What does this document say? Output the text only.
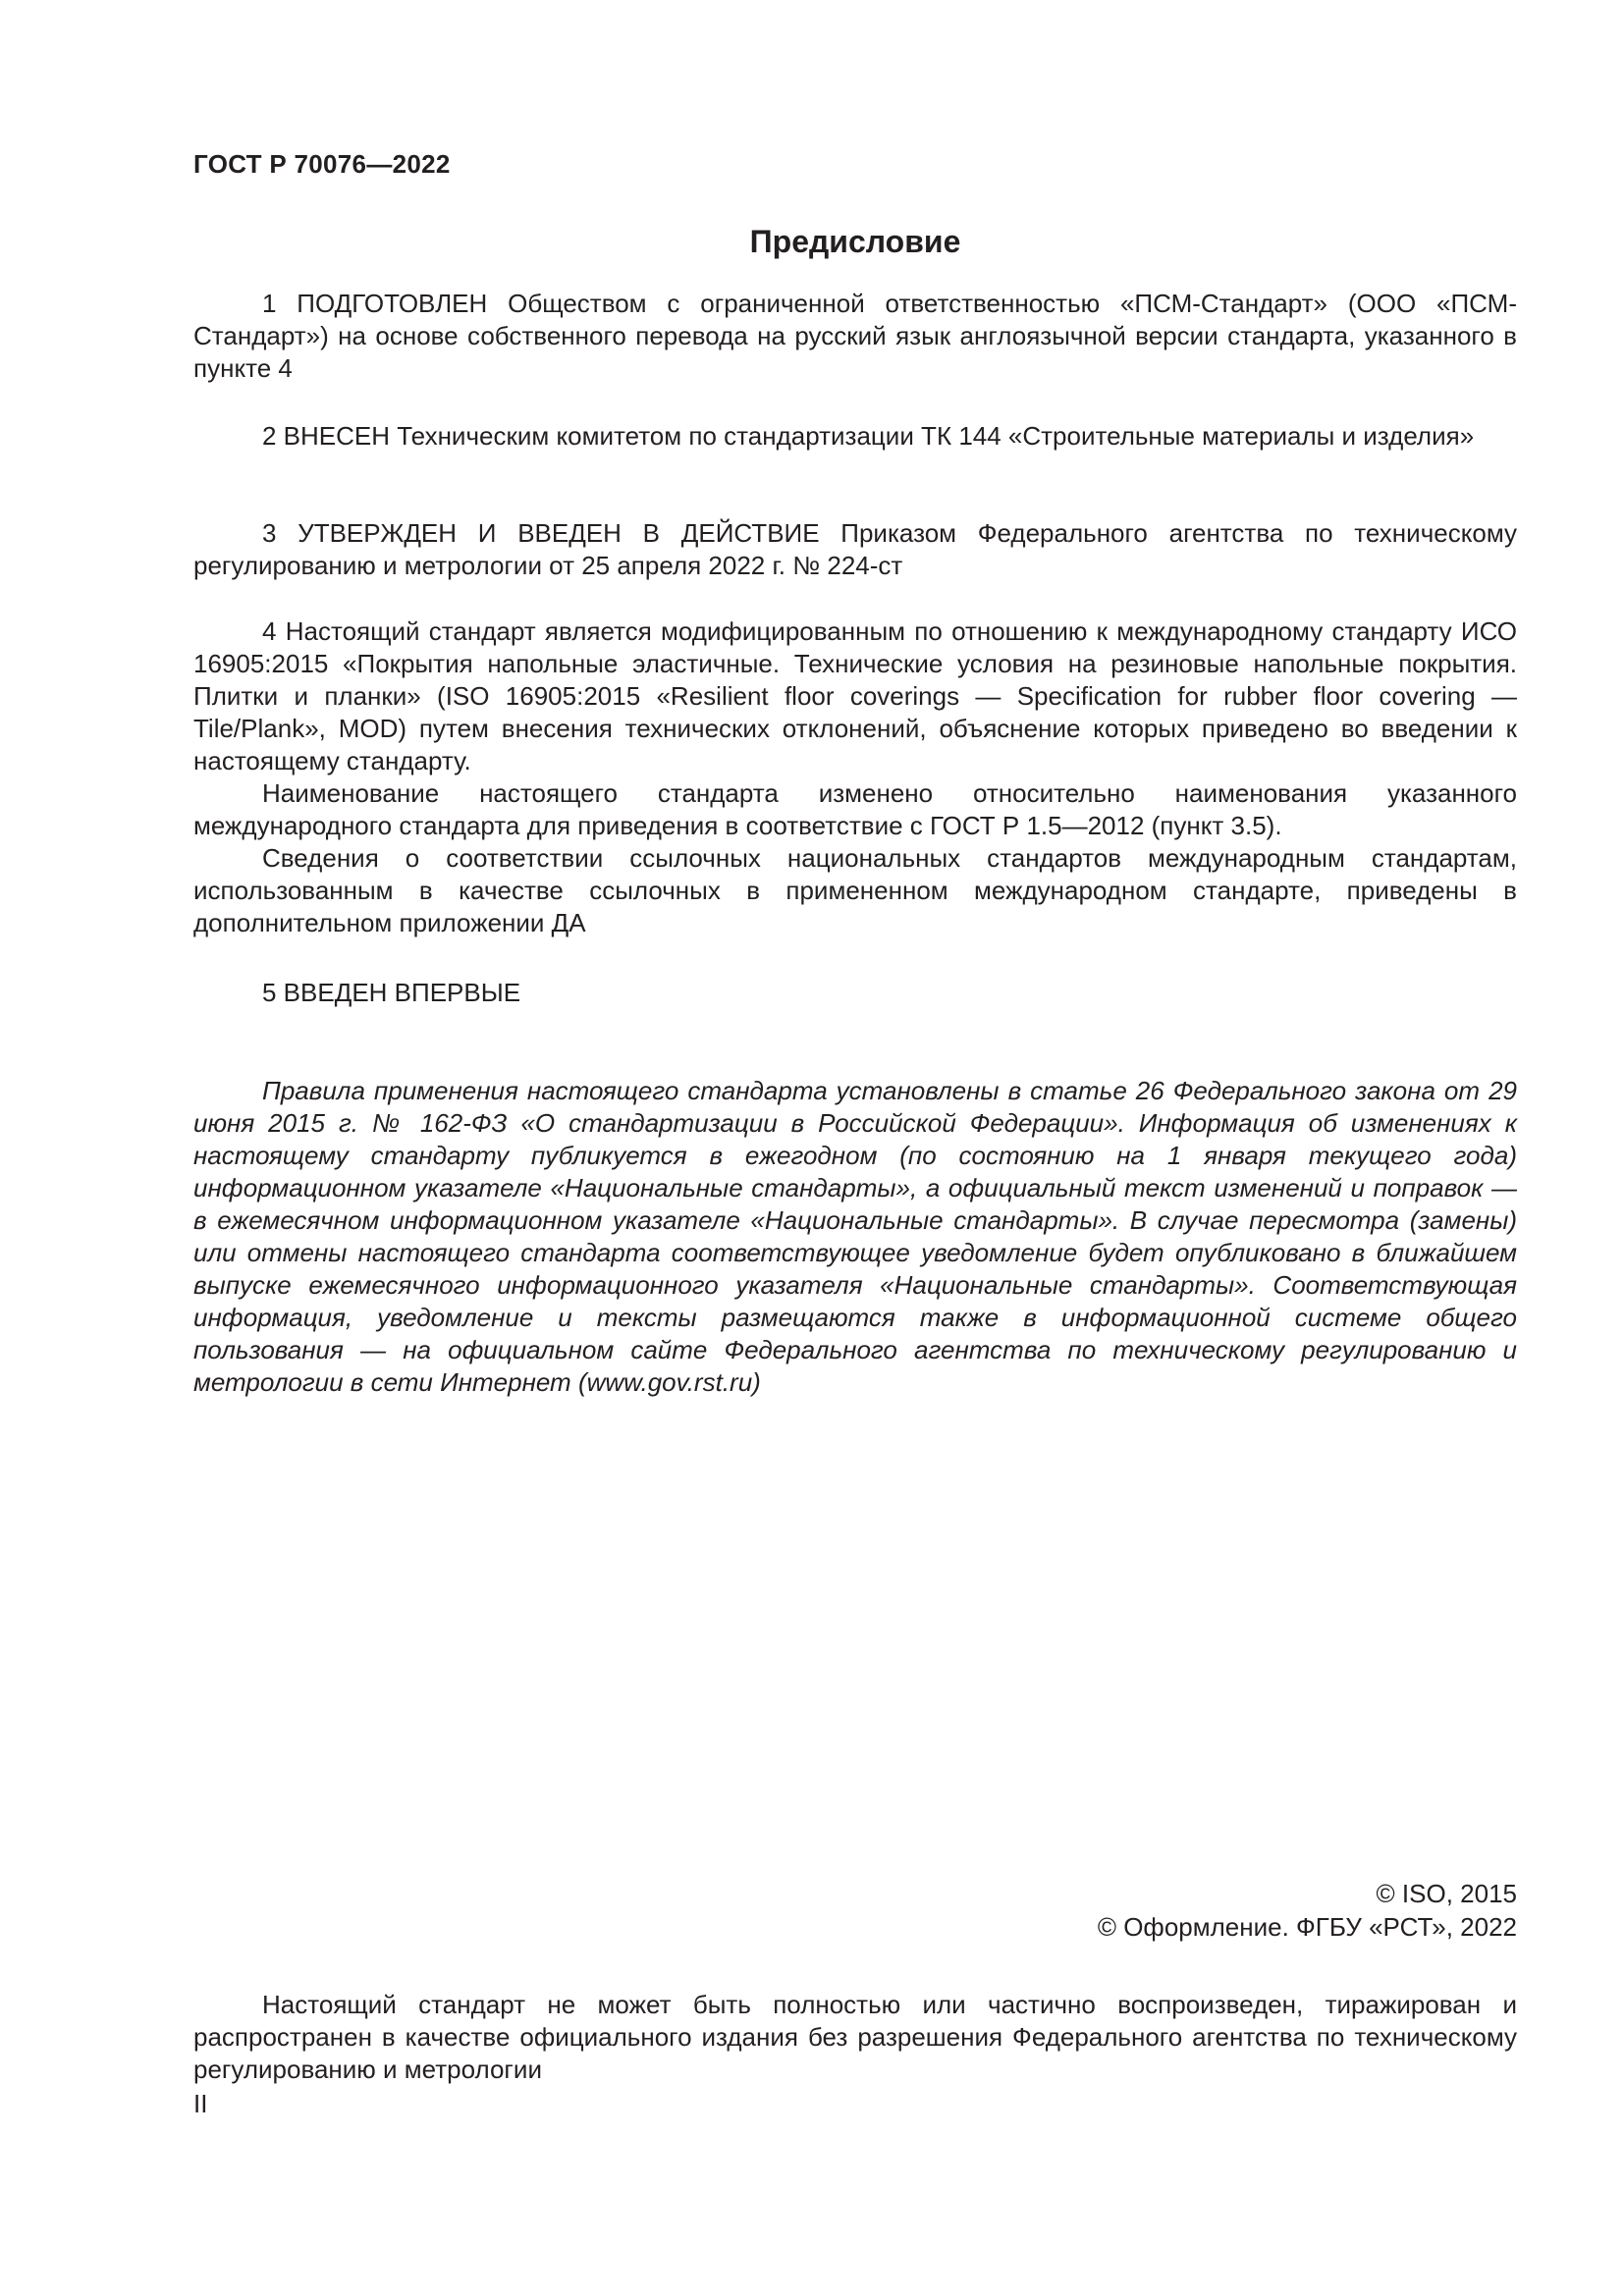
ГОСТ Р 70076—2022
Предисловие

1 ПОДГОТОВЛЕН Обществом с ограниченной ответственностью «ПСМ-Стандарт» (ООО «ПСМ-Стандарт») на основе собственного перевода на русский язык англоязычной версии стандарта, указанного в пункте 4

2 ВНЕСЕН Техническим комитетом по стандартизации ТК 144 «Строительные материалы и изделия»

3 УТВЕРЖДЕН И ВВЕДЕН В ДЕЙСТВИЕ Приказом Федерального агентства по техническому регулированию и метрологии от 25 апреля 2022 г. № 224-ст

4 Настоящий стандарт является модифицированным по отношению к международному стандарту ИСО 16905:2015 «Покрытия напольные эластичные. Технические условия на резиновые напольные покрытия. Плитки и планки» (ISO 16905:2015 «Resilient floor coverings — Specification for rubber floor covering — Tile/Plank», MOD) путем внесения технических отклонений, объяснение которых приведено во введении к настоящему стандарту.

Наименование настоящего стандарта изменено относительно наименования указанного международного стандарта для приведения в соответствие с ГОСТ Р 1.5—2012 (пункт 3.5).

Сведения о соответствии ссылочных национальных стандартов международным стандартам, использованным в качестве ссылочных в примененном международном стандарте, приведены в дополнительном приложении ДА

5 ВВЕДЕН ВПЕРВЫЕ

Правила применения настоящего стандарта установлены в статье 26 Федерального закона от 29 июня 2015 г. № 162-ФЗ «О стандартизации в Российской Федерации». Информация об изменениях к настоящему стандарту публикуется в ежегодном (по состоянию на 1 января текущего года) информационном указателе «Национальные стандарты», а официальный текст изменений и поправок — в ежемесячном информационном указателе «Национальные стандарты». В случае пересмотра (замены) или отмены настоящего стандарта соответствующее уведомление будет опубликовано в ближайшем выпуске ежемесячного информационного указателя «Национальные стандарты». Соответствующая информация, уведомление и тексты размещаются также в информационной системе общего пользования — на официальном сайте Федерального агентства по техническому регулированию и метрологии в сети Интернет (www.gov.rst.ru)

© ISO, 2015
© Оформление. ФГБУ «РСТ», 2022

Настоящий стандарт не может быть полностью или частично воспроизведен, тиражирован и распространен в качестве официального издания без разрешения Федерального агентства по техническому регулированию и метрологии

II
